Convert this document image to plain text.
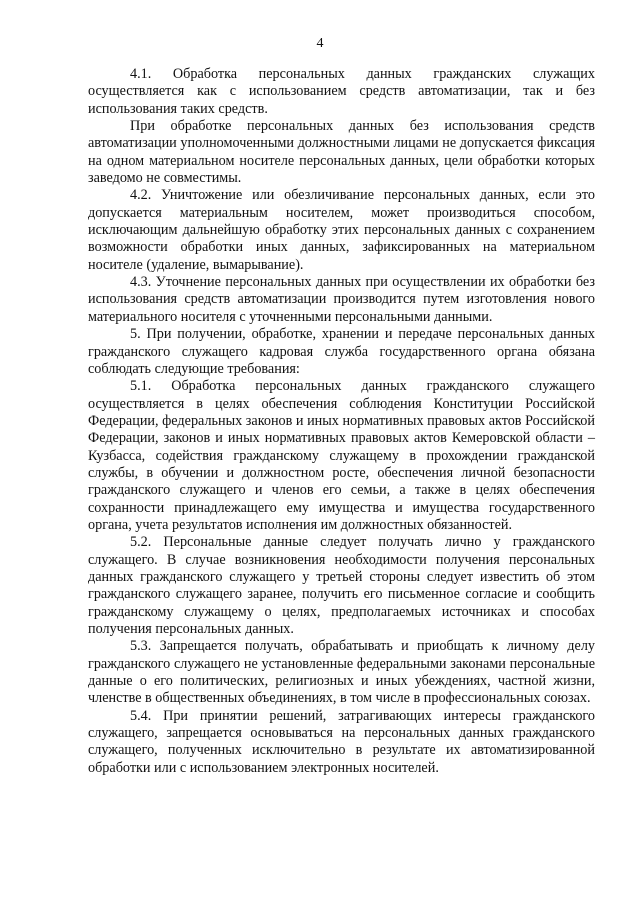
4

4.1. Обработка персональных данных гражданских служащих осуществляется как с использованием средств автоматизации, так и без использования таких средств.

При обработке персональных данных без использования средств автоматизации уполномоченными должностными лицами не допускается фиксация на одном материальном носителе персональных данных, цели обработки которых заведомо не совместимы.

4.2. Уничтожение или обезличивание персональных данных, если это допускается материальным носителем, может производиться способом, исключающим дальнейшую обработку этих персональных данных с сохранением возможности обработки иных данных, зафиксированных на материальном носителе (удаление, вымарывание).

4.3. Уточнение персональных данных при осуществлении их обработки без использования средств автоматизации производится путем изготовления нового материального носителя с уточненными персональными данными.

5. При получении, обработке, хранении и передаче персональных данных гражданского служащего кадровая служба государственного органа обязана соблюдать следующие требования:

5.1. Обработка персональных данных гражданского служащего осуществляется в целях обеспечения соблюдения Конституции Российской Федерации, федеральных законов и иных нормативных правовых актов Российской Федерации, законов и иных нормативных правовых актов Кемеровской области – Кузбасса, содействия гражданскому служащему в прохождении гражданской службы, в обучении и должностном росте, обеспечения личной безопасности гражданского служащего и членов его семьи, а также в целях обеспечения сохранности принадлежащего ему имущества и имущества государственного органа, учета результатов исполнения им должностных обязанностей.

5.2. Персональные данные следует получать лично у гражданского служащего. В случае возникновения необходимости получения персональных данных гражданского служащего у третьей стороны следует известить об этом гражданского служащего заранее, получить его письменное согласие и сообщить гражданскому служащему о целях, предполагаемых источниках и способах получения персональных данных.

5.3. Запрещается получать, обрабатывать и приобщать к личному делу гражданского служащего не установленные федеральными законами персональные данные о его политических, религиозных и иных убеждениях, частной жизни, членстве в общественных объединениях, в том числе в профессиональных союзах.

5.4. При принятии решений, затрагивающих интересы гражданского служащего, запрещается основываться на персональных данных гражданского служащего, полученных исключительно в результате их автоматизированной обработки или с использованием электронных носителей.
